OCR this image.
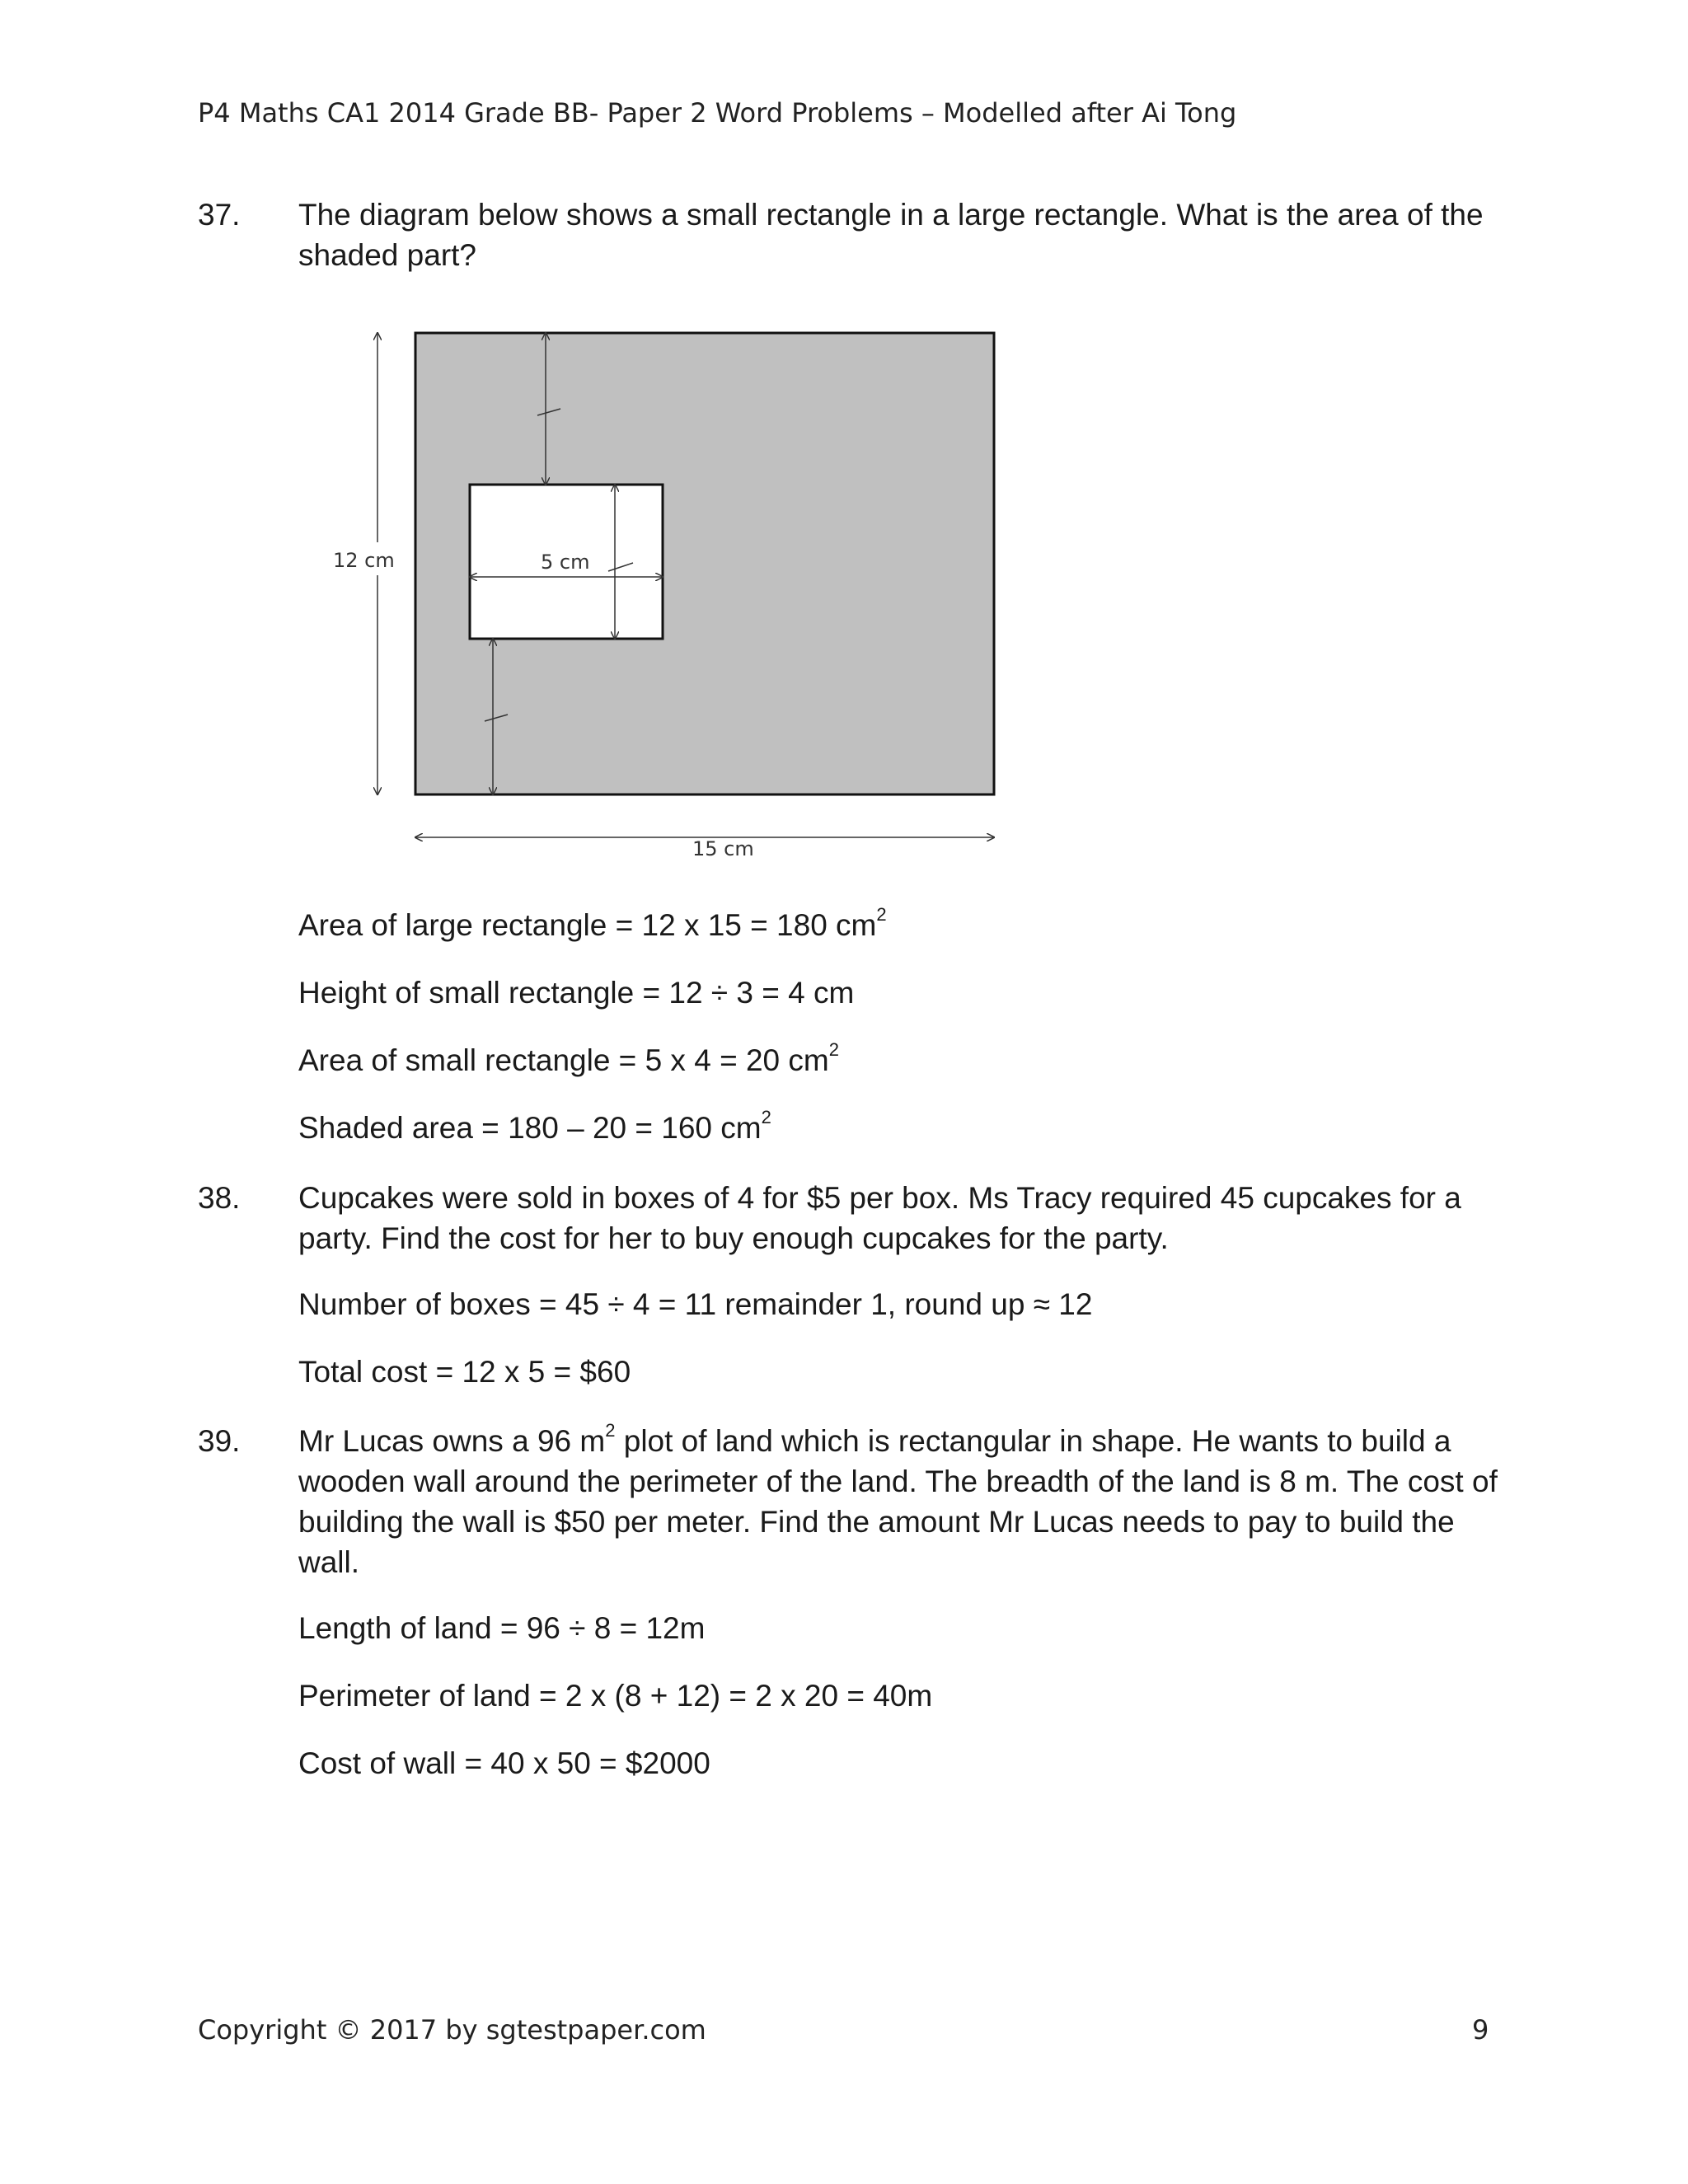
P4 Maths CA1 2014 Grade BB- Paper 2 Word Problems – Modelled after Ai Tong
37. The diagram below shows a small rectangle in a large rectangle. What is the area of the shaded part?
12 cm
15 cm
5 cm
Area of large rectangle = 12 x 15 = 180 $cm^2$
Height of small rectangle = 12 ÷ 3 = 4 cm
Area of small rectangle = 5 x 4 = 20 $cm^2$
Shaded area = 180 – 20 = 160 $cm^2$
38. Cupcakes were sold in boxes of 4 for $5 per box. Ms Tracy required 45 cupcakes for a party. Find the cost for her to buy enough cupcakes for the party.
Number of boxes = 45 ÷ 4 = 11 remainder 1, round up ≈ 12
Total cost = 12 x 5 = $60
39. Mr Lucas owns a 96 $m^2$ plot of land which is rectangular in shape. He wants to build a wooden wall around the perimeter of the land. The breadth of the land is 8 m. The cost of building the wall is $50 per meter. Find the amount Mr Lucas needs to pay to build the wall.
Length of land = 96 ÷ 8 = 12m
Perimeter of land = 2 x (8 + 12) = 2 x 20 = 40m
Cost of wall = 40 x 50 = $2000
Copyright © 2017 by sgtestpaper.com	9
